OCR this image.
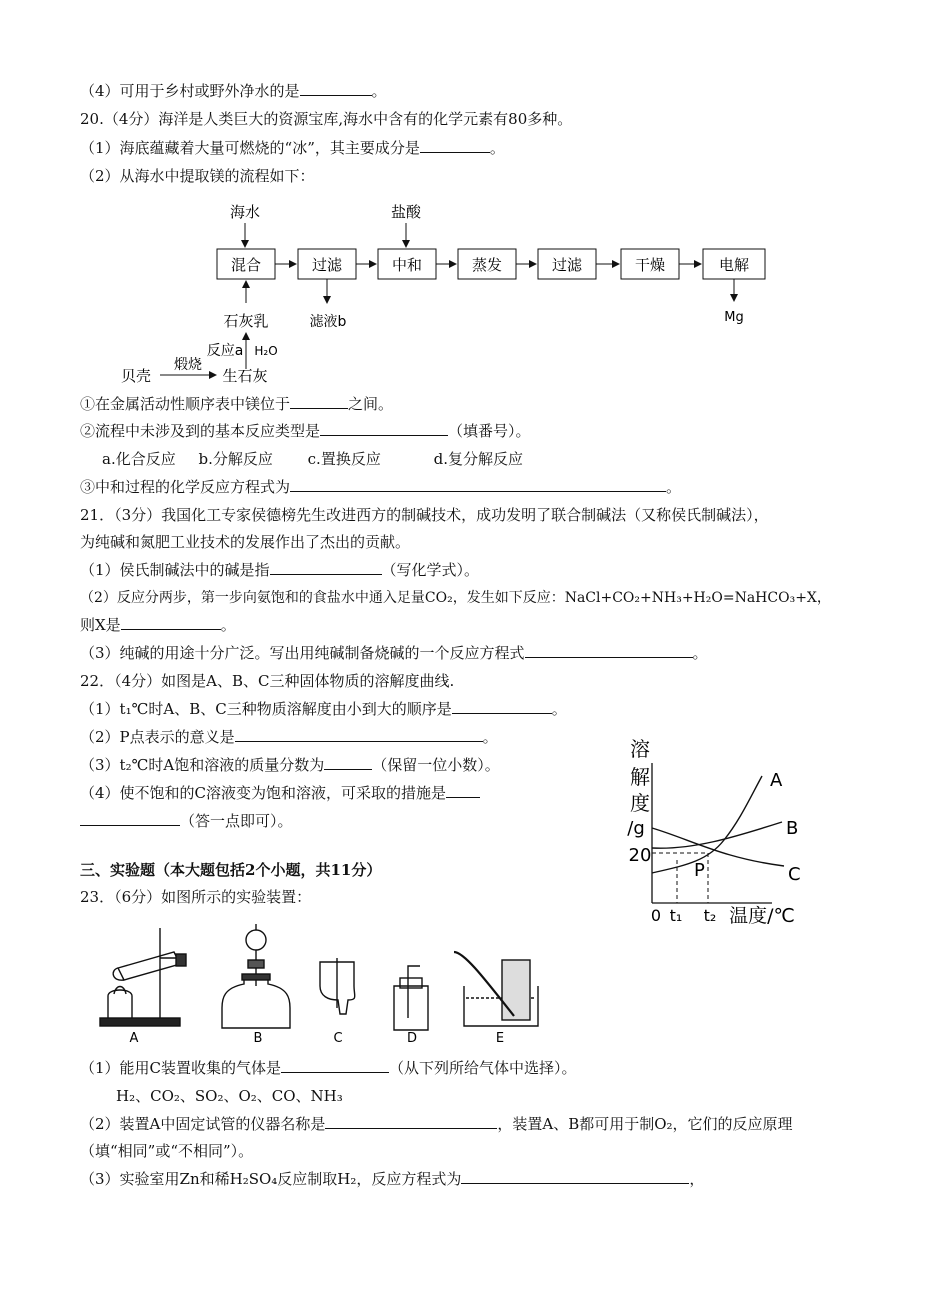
（4）可用于乡村或野外净水的是	。
20.（4分）海洋是人类巨大的资源宝库,海水中含有的化学元素有80多种。
（1）海底蕴藏着大量可燃烧的“冰”，其主要成分是	。
（2）从海水中提取镁的流程如下：
海水	盐酸
混合	过滤	中和	蒸发	过滤	干燥	电解
滤液b	Mg
石灰乳
反应a H₂O
贝壳
煅烧
生石灰
①在金属活动性顺序表中镁位于	之间。
②流程中未涉及到的基本反应类型是	（填番号）。
a.化合反应 b.分解反应 c.置换反应	d.复分解反应
③中和过程的化学反应方程式为	。
21．（3分）我国化工专家侯德榜先生改进西方的制碱技术，成功发明了联合制碱法（又称侯氏制碱法），
为纯碱和氮肥工业技术的发展作出了杰出的贡献。
（1）侯氏制碱法中的碱是指	（写化学式）。
（2）反应分两步，第一步向氨饱和的食盐水中通入足量CO₂，发生如下反应：NaCl+CO₂+NH₃+H₂O=NaHCO₃+X，
则X是	。
（3）纯碱的用途十分广泛。写出用纯碱制备烧碱的一个反应方程式	。
22．（4分）如图是A、B、C三种固体物质的溶解度曲线.
（1）t₁℃时A、B、C三种物质溶解度由小到大的顺序是	。
（2）P点表示的意义是	。
（3）t₂℃时A饱和溶液的质量分数为	（保留一位小数）。
（4）使不饱和的C溶液变为饱和溶液，可采取的措施是
（答一点即可）。
溶
解
度
/g
20
A
B
C
P
0 t₁ t₂ 温度/℃
三、实验题（本大题包括2个小题，共11分）
23．（6分）如图所示的实验装置：
A	B	C	D	E
（1）能用C装置收集的气体是	（从下列所给气体中选择）。
H₂、CO₂、SO₂、O₂、CO、NH₃
（2）装置A中固定试管的仪器名称是	，装置A、B都可用于制O₂，它们的反应原理
（填“相同”或“不相同”）。
（3）实验室用Zn和稀H₂SO₄反应制取H₂，反应方程式为	，
